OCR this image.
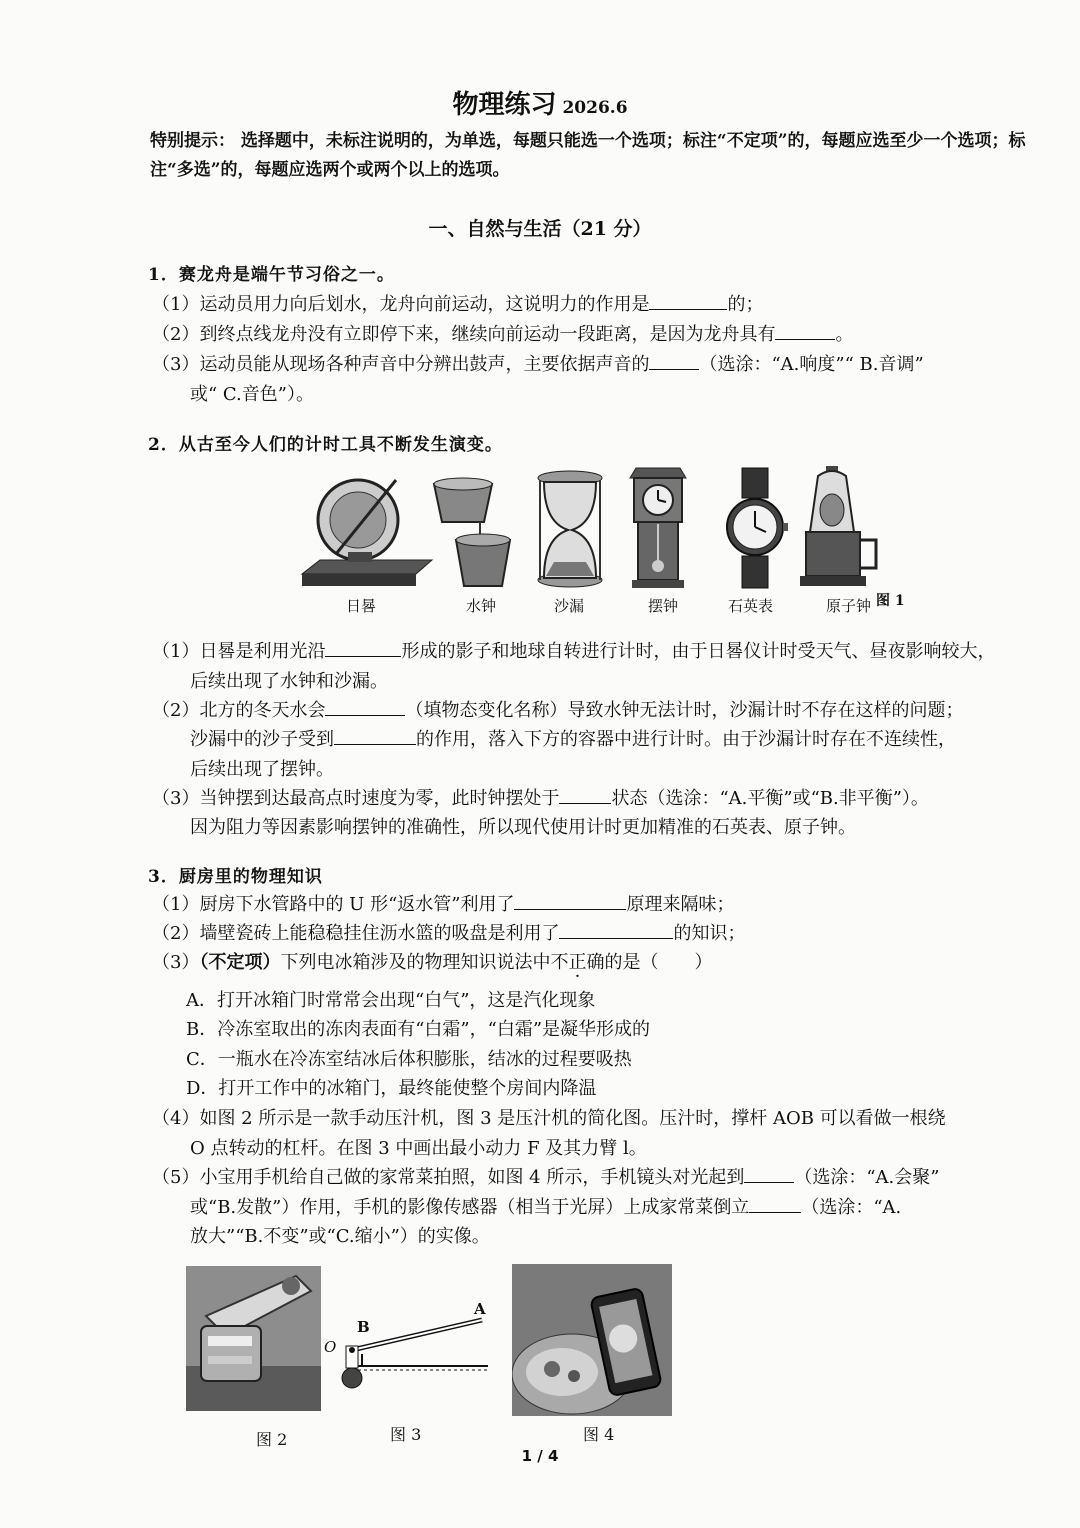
物理练习 2026.6
特别提示： 选择题中，未标注说明的，为单选，每题只能选一个选项；标注“不定项”的，每题应选至少一个选项；标注“多选”的，每题应选两个或两个以上的选项。
一、自然与生活（21 分）
1．赛龙舟是端午节习俗之一。
（1）运动员用力向后划水，龙舟向前运动，这说明力的作用是	的；
（2）到终点线龙舟没有立即停下来，继续向前运动一段距离，是因为龙舟具有	。
（3）运动员能从现场各种声音中分辨出鼓声，主要依据声音的	（选涂：“A.响度”“ B.音调”
或“ C.音色”）。
2．从古至今人们的计时工具不断发生演变。
日晷	水钟	沙漏	摆钟	石英表	原子钟 图 1
（1）日晷是利用光沿	形成的影子和地球自转进行计时，由于日晷仪计时受天气、昼夜影响较大，
后续出现了水钟和沙漏。
（2）北方的冬天水会	（填物态变化名称）导致水钟无法计时，沙漏计时不存在这样的问题；
沙漏中的沙子受到	的作用，落入下方的容器中进行计时。由于沙漏计时存在不连续性，
后续出现了摆钟。
（3）当钟摆到达最高点时速度为零，此时钟摆处于	状态（选涂：“A.平衡”或“B.非平衡”）。
因为阻力等因素影响摆钟的准确性，所以现代使用计时更加精准的石英表、原子钟。
3．厨房里的物理知识
（1）厨房下水管路中的 U 形“返水管”利用了	原理来隔味；
（2）墙壁瓷砖上能稳稳挂住沥水篮的吸盘是利用了	的知识；
（3）（不定项）下列电冰箱涉及的物理知识说法中不正确的是（　　）
A．打开冰箱门时常常会出现“白气”，这是汽化现象
B．冷冻室取出的冻肉表面有“白霜”，“白霜”是凝华形成的
C．一瓶水在冷冻室结冰后体积膨胀，结冰的过程要吸热
D．打开工作中的冰箱门，最终能使整个房间内降温
（4）如图 2 所示是一款手动压汁机，图 3 是压汁机的简化图。压汁时，撑杆 AOB 可以看做一根绕
O 点转动的杠杆。在图 3 中画出最小动力 F 及其力臂 l。
（5）小宝用手机给自己做的家常菜拍照，如图 4 所示，手机镜头对光起到	（选涂：“A.会聚”
或“B.发散”）作用，手机的影像传感器（相当于光屏）上成家常菜倒立	（选涂：“A.
放大”“B.不变”或“C.缩小”）的实像。
B
A
O
图 2	图 3	图 4
1 / 4
